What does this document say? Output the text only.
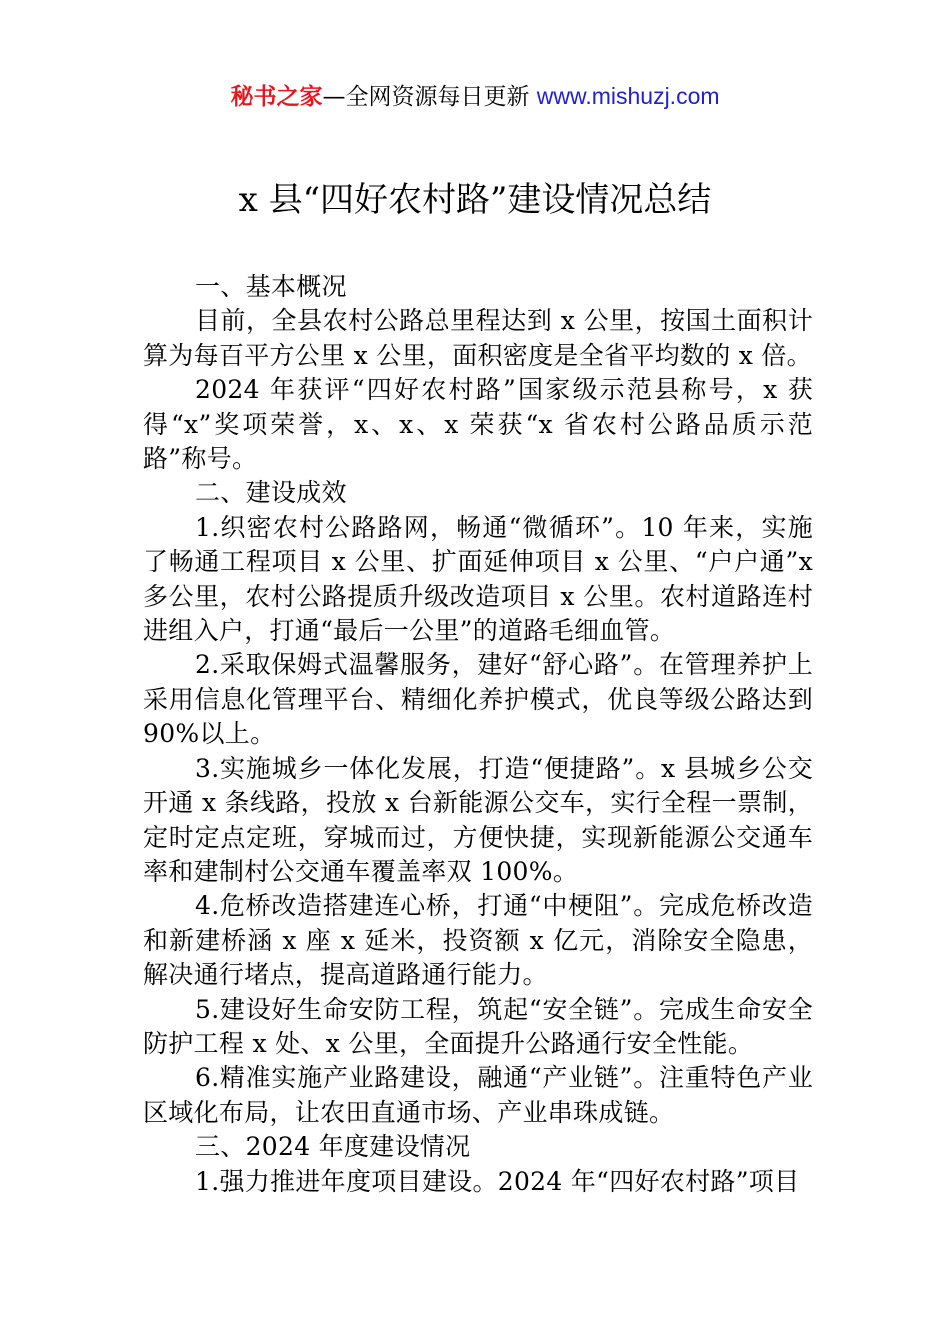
秘书之家—全网资源每日更新 www.mishuzj.com
x 县“四好农村路”建设情况总结

一、基本概况

目前，全县农村公路总里程达到 x 公里，按国土面积计算为每百平方公里 x 公里，面积密度是全省平均数的 x 倍。

2024 年获评“四好农村路”国家级示范县称号，x 获得“x”奖项荣誉，x、x、x 荣获“x 省农村公路品质示范路”称号。

二、建设成效

1.织密农村公路路网，畅通“微循环”。10 年来，实施了畅通工程项目 x 公里、扩面延伸项目 x 公里、“户户通”x 多公里，农村公路提质升级改造项目 x 公里。农村道路连村进组入户，打通“最后一公里”的道路毛细血管。

2.采取保姆式温馨服务，建好“舒心路”。在管理养护上采用信息化管理平台、精细化养护模式，优良等级公路达到 90%以上。

3.实施城乡一体化发展，打造“便捷路”。x 县城乡公交开通 x 条线路，投放 x 台新能源公交车，实行全程一票制，定时定点定班，穿城而过，方便快捷，实现新能源公交通车率和建制村公交通车覆盖率双 100%。

4.危桥改造搭建连心桥，打通“中梗阻”。完成危桥改造和新建桥涵 x 座 x 延米，投资额 x 亿元，消除安全隐患，解决通行堵点，提高道路通行能力。

5.建设好生命安防工程，筑起“安全链”。完成生命安全防护工程 x 处、x 公里，全面提升公路通行安全性能。

6.精准实施产业路建设，融通“产业链”。注重特色产业区域化布局，让农田直通市场、产业串珠成链。

三、2024 年度建设情况

1.强力推进年度项目建设。2024 年“四好农村路”项目
